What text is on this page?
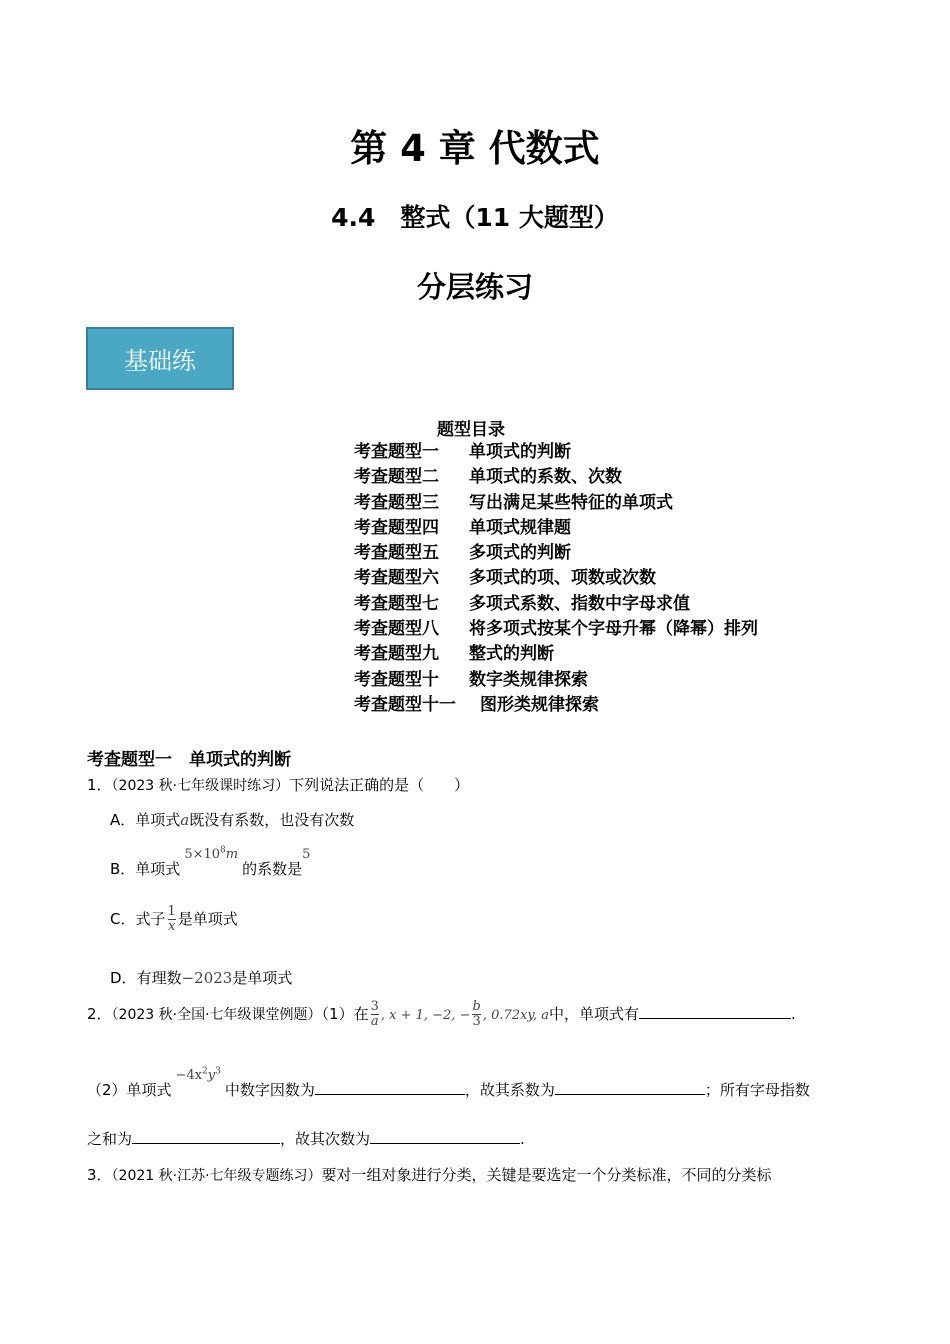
第 4 章 代数式
4.4　整式（11 大题型）
分层练习
基础练
题型目录
考查题型一 单项式的判断
考查题型二 单项式的系数、次数
考查题型三 写出满足某些特征的单项式
考查题型四 单项式规律题
考查题型五 多项式的判断
考查题型六 多项式的项、项数或次数
考查题型七 多项式系数、指数中字母求值
考查题型八 将多项式按某个字母升幂（降幂）排列
考查题型九 整式的判断
考查题型十 数字类规律探索
考查题型十一 图形类规律探索
考查题型一　单项式的判断
1．（2023 秋·七年级课时练习）下列说法正确的是（　　）
A．单项式a既没有系数，也没有次数
B．单项式$5\times 10^8m$的系数是5
C．式子 $\frac{1}{x}$ 是单项式
D．有理数−2023是单项式
2．（2023 秋·全国·七年级课堂例题）（1）在 $\frac{3}{a}$ , x + 1, −2, − $\frac{b}{3}$ , 0.72xy, a中，单项式有	.
（2）单项式$-4x^2y^3$中数字因数为	，故其系数为	；所有字母指数
之和为	，故其次数为	.
3．（2021 秋·江苏·七年级专题练习）要对一组对象进行分类，关键是要选定一个分类标准，不同的分类标
